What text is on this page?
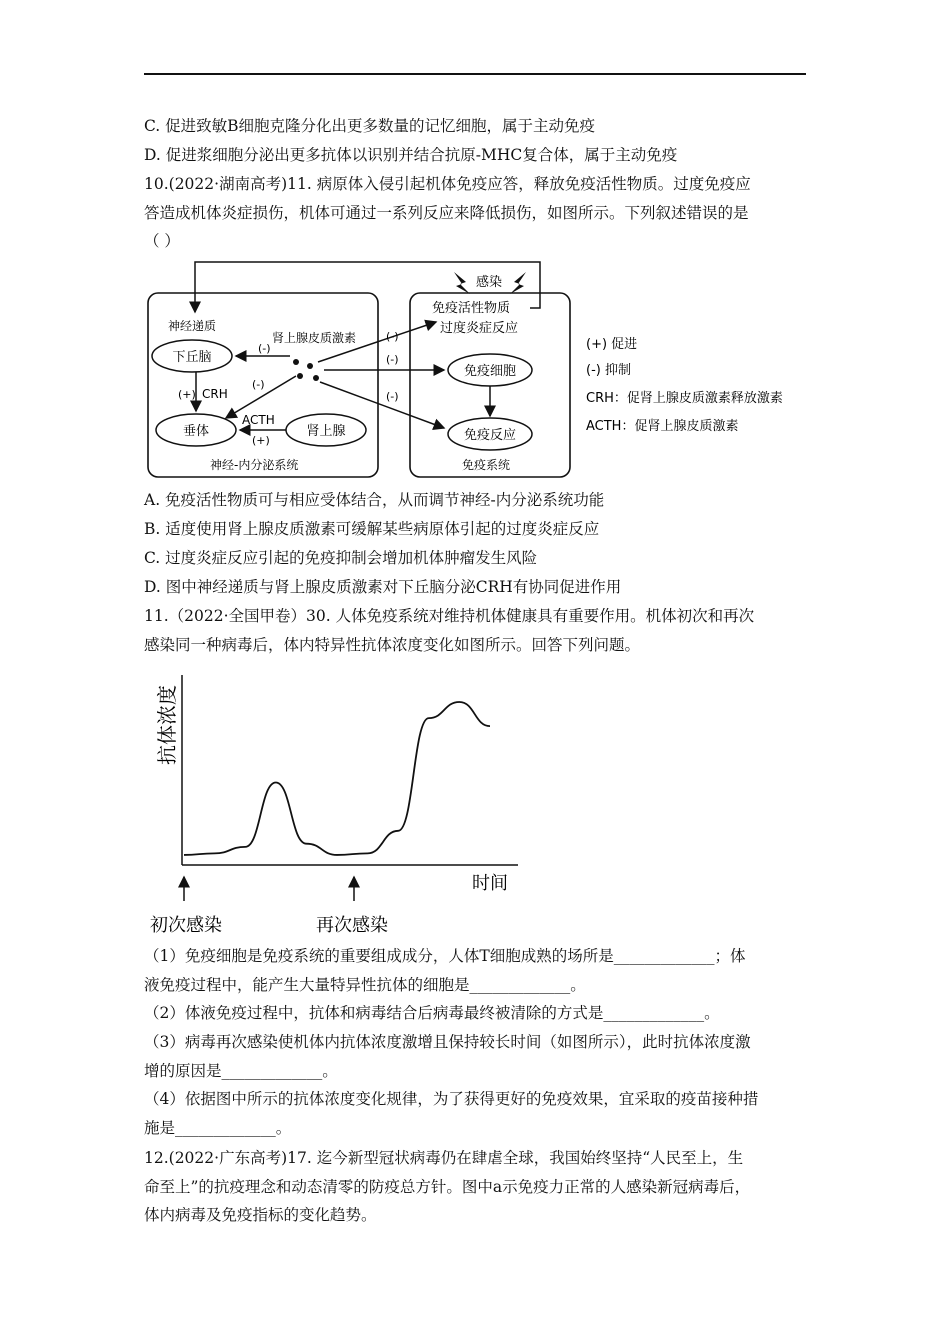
C. 促进致敏B细胞克隆分化出更多数量的记忆细胞，属于主动免疫
D. 促进浆细胞分泌出更多抗体以识别并结合抗原-MHC复合体，属于主动免疫
10.(2022·湖南高考)11. 病原体入侵引起机体免疫应答，释放免疫活性物质。过度免疫应
答造成机体炎症损伤，机体可通过一系列反应来降低损伤，如图所示。下列叙述错误的是
（ ）
感染
免疫活性物质
过度炎症反应
神经递质
肾上腺皮质激素
下丘脑
垂体	肾上腺
免疫细胞
免疫反应
(+) CRH
ACTH
(+)
(-)
(-)
(-)
(-)
(-)
神经-内分泌系统	免疫系统
(+) 促进
(-) 抑制
CRH：促肾上腺皮质激素释放激素
ACTH：促肾上腺皮质激素
A. 免疫活性物质可与相应受体结合，从而调节神经-内分泌系统功能
B. 适度使用肾上腺皮质激素可缓解某些病原体引起的过度炎症反应
C. 过度炎症反应引起的免疫抑制会增加机体肿瘤发生风险
D. 图中神经递质与肾上腺皮质激素对下丘脑分泌CRH有协同促进作用
11.（2022·全国甲卷）30. 人体免疫系统对维持机体健康具有重要作用。机体初次和再次
感染同一种病毒后，体内特异性抗体浓度变化如图所示。回答下列问题。
抗体浓度
时间
初次感染	再次感染
（1）免疫细胞是免疫系统的重要组成成分，人体T细胞成熟的场所是_____________；体
液免疫过程中，能产生大量特异性抗体的细胞是_____________。
（2）体液免疫过程中，抗体和病毒结合后病毒最终被清除的方式是_____________。
（3）病毒再次感染使机体内抗体浓度激增且保持较长时间（如图所示），此时抗体浓度激
增的原因是_____________。
（4）依据图中所示的抗体浓度变化规律，为了获得更好的免疫效果，宜采取的疫苗接种措
施是_____________。
12.(2022·广东高考)17. 迄今新型冠状病毒仍在肆虐全球，我国始终坚持“人民至上，生
命至上”的抗疫理念和动态清零的防疫总方针。图中a示免疫力正常的人感染新冠病毒后，
体内病毒及免疫指标的变化趋势。
